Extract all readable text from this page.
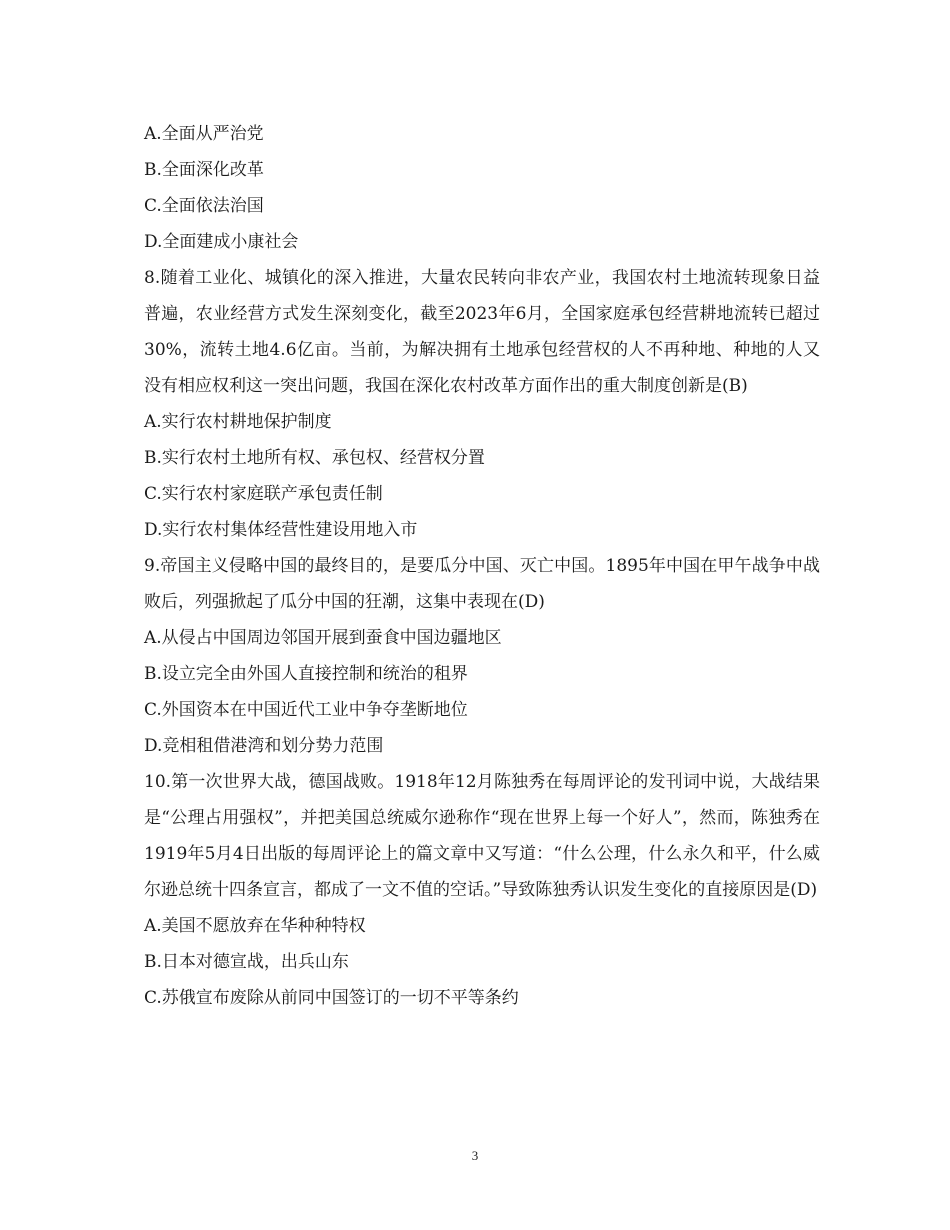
A.全面从严治党
B.全面深化改革
C.全面依法治国
D.全面建成小康社会
8.随着工业化、城镇化的深入推进，大量农民转向非农产业，我国农村土地流转现象日益普遍，农业经营方式发生深刻变化，截至2023年6月，全国家庭承包经营耕地流转已超过30%，流转土地4.6亿亩。当前，为解决拥有土地承包经营权的人不再种地、种地的人又没有相应权利这一突出问题，我国在深化农村改革方面作出的重大制度创新是(B)
A.实行农村耕地保护制度
B.实行农村土地所有权、承包权、经营权分置
C.实行农村家庭联产承包责任制
D.实行农村集体经营性建设用地入市
9.帝国主义侵略中国的最终目的，是要瓜分中国、灭亡中国。1895年中国在甲午战争中战败后，列强掀起了瓜分中国的狂潮，这集中表现在(D)
A.从侵占中国周边邻国开展到蚕食中国边疆地区
B.设立完全由外国人直接控制和统治的租界
C.外国资本在中国近代工业中争夺垄断地位
D.竞相租借港湾和划分势力范围
10.第一次世界大战，德国战败。1918年12月陈独秀在每周评论的发刊词中说，大战结果是“公理占用强权”，并把美国总统威尔逊称作“现在世界上每一个好人”，然而，陈独秀在1919年5月4日出版的每周评论上的篇文章中又写道：“什么公理，什么永久和平，什么威尔逊总统十四条宣言，都成了一文不值的空话。”导致陈独秀认识发生变化的直接原因是(D)
A.美国不愿放弃在华种种特权
B.日本对德宣战，出兵山东
C.苏俄宣布废除从前同中国签订的一切不平等条约
3
